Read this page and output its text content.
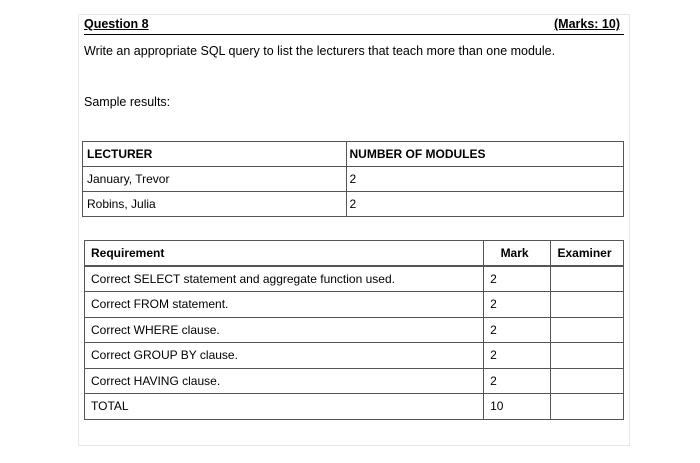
Question 8	(Marks: 10)
Write an appropriate SQL query to list the lecturers that teach more than one module.
Sample results:
LECTURER	NUMBER OF MODULES
January, Trevor	2
Robins, Julia	2
Requirement	Mark	Examiner
Correct SELECT statement and aggregate function used.	2	
Correct FROM statement.	2	
Correct WHERE clause.	2	
Correct GROUP BY clause.	2	
Correct HAVING clause.	2	
TOTAL	10	
